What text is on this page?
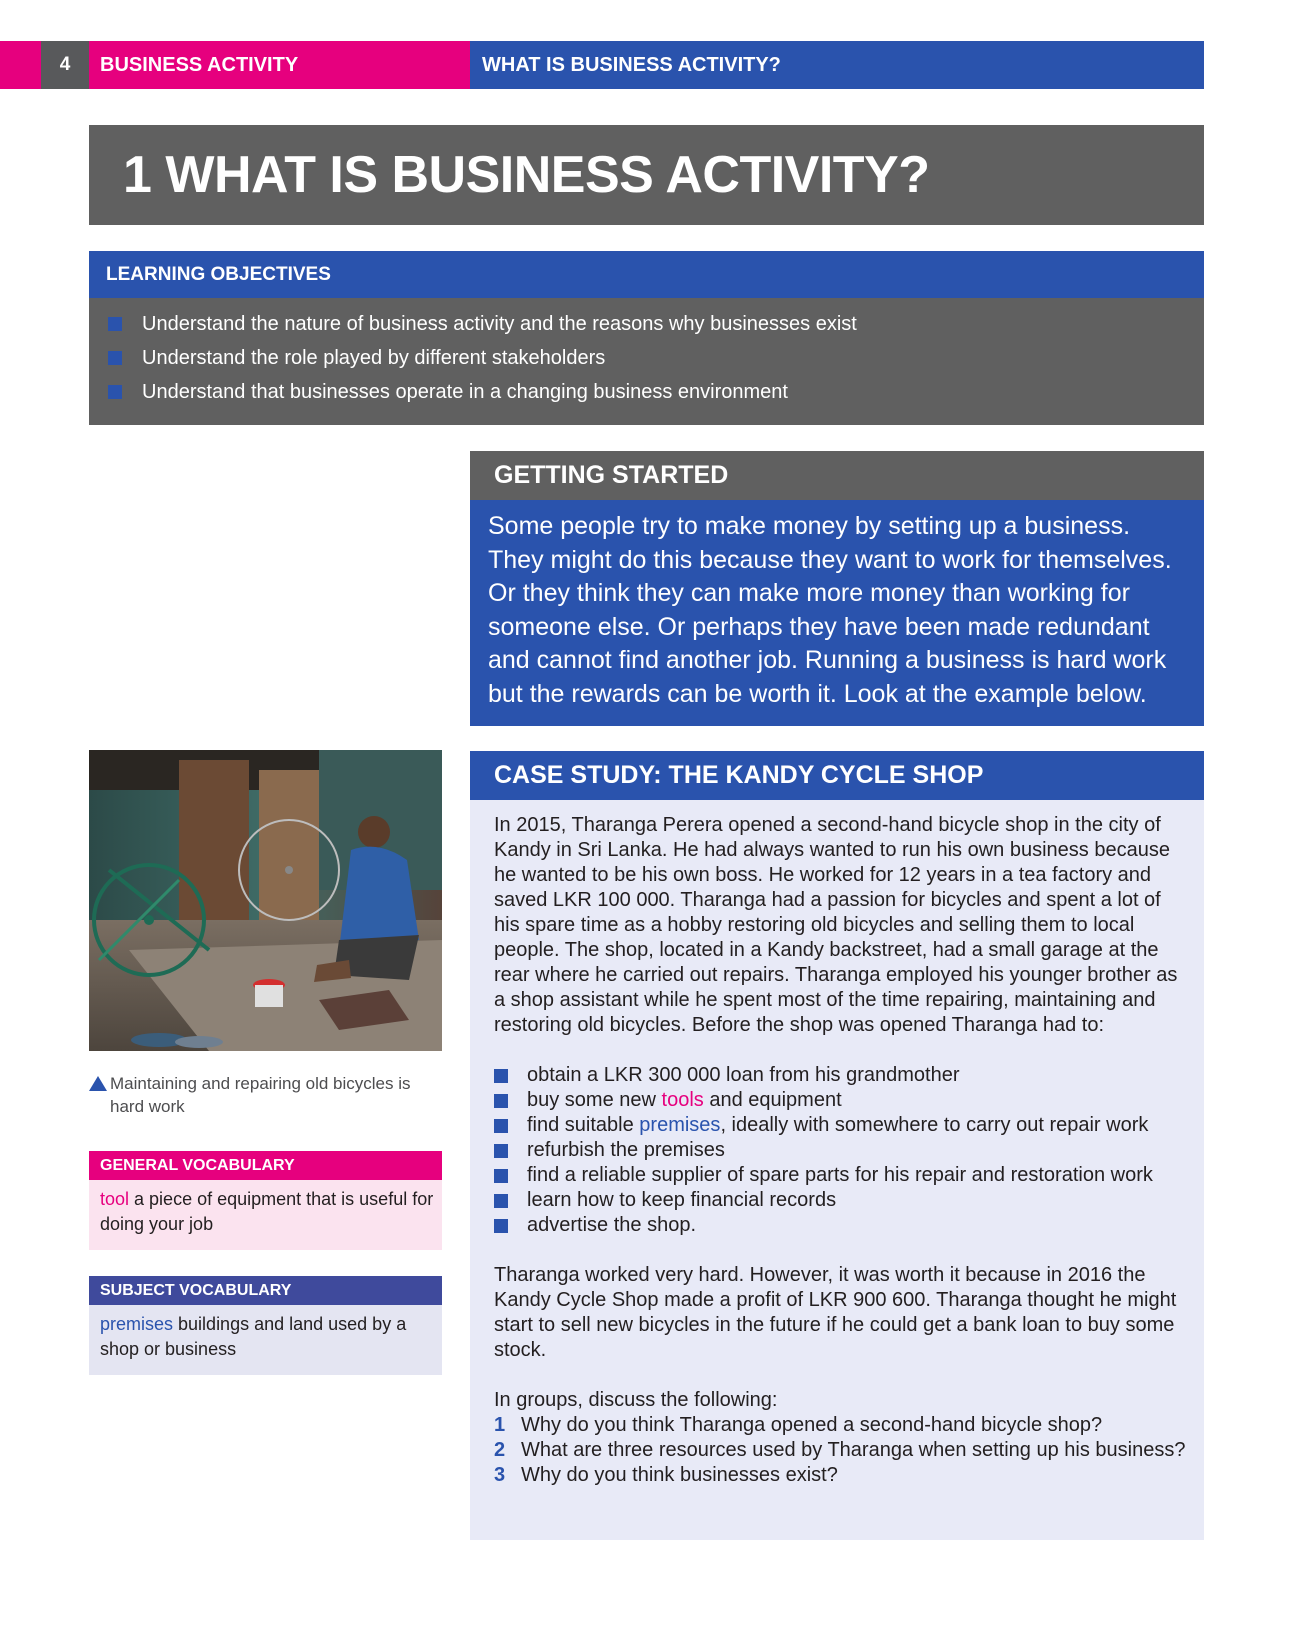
4 BUSINESS ACTIVITY	WHAT IS BUSINESS ACTIVITY?
1 WHAT IS BUSINESS ACTIVITY?
LEARNING OBJECTIVES
Understand the nature of business activity and the reasons why businesses exist
Understand the role played by different stakeholders
Understand that businesses operate in a changing business environment
GETTING STARTED
Some people try to make money by setting up a business. They might do this because they want to work for themselves. Or they think they can make more money than working for someone else. Or perhaps they have been made redundant and cannot find another job. Running a business is hard work but the rewards can be worth it. Look at the example below.
Maintaining and repairing old bicycles is hard work
GENERAL VOCABULARY
tool a piece of equipment that is useful for doing your job
SUBJECT VOCABULARY
premises buildings and land used by a shop or business
CASE STUDY: THE KANDY CYCLE SHOP

In 2015, Tharanga Perera opened a second-hand bicycle shop in the city of Kandy in Sri Lanka. He had always wanted to run his own business because he wanted to be his own boss. He worked for 12 years in a tea factory and saved LKR 100 000. Tharanga had a passion for bicycles and spent a lot of his spare time as a hobby restoring old bicycles and selling them to local people. The shop, located in a Kandy backstreet, had a small garage at the rear where he carried out repairs. Tharanga employed his younger brother as a shop assistant while he spent most of the time repairing, maintaining and restoring old bicycles. Before the shop was opened Tharanga had to:

obtain a LKR 300 000 loan from his grandmother
buy some new tools and equipment
find suitable premises, ideally with somewhere to carry out repair work
refurbish the premises
find a reliable supplier of spare parts for his repair and restoration work
learn how to keep financial records
advertise the shop.

Tharanga worked very hard. However, it was worth it because in 2016 the Kandy Cycle Shop made a profit of LKR 900 600. Tharanga thought he might start to sell new bicycles in the future if he could get a bank loan to buy some stock.

In groups, discuss the following:

1 Why do you think Tharanga opened a second-hand bicycle shop?
2 What are three resources used by Tharanga when setting up his business?
3 Why do you think businesses exist?
